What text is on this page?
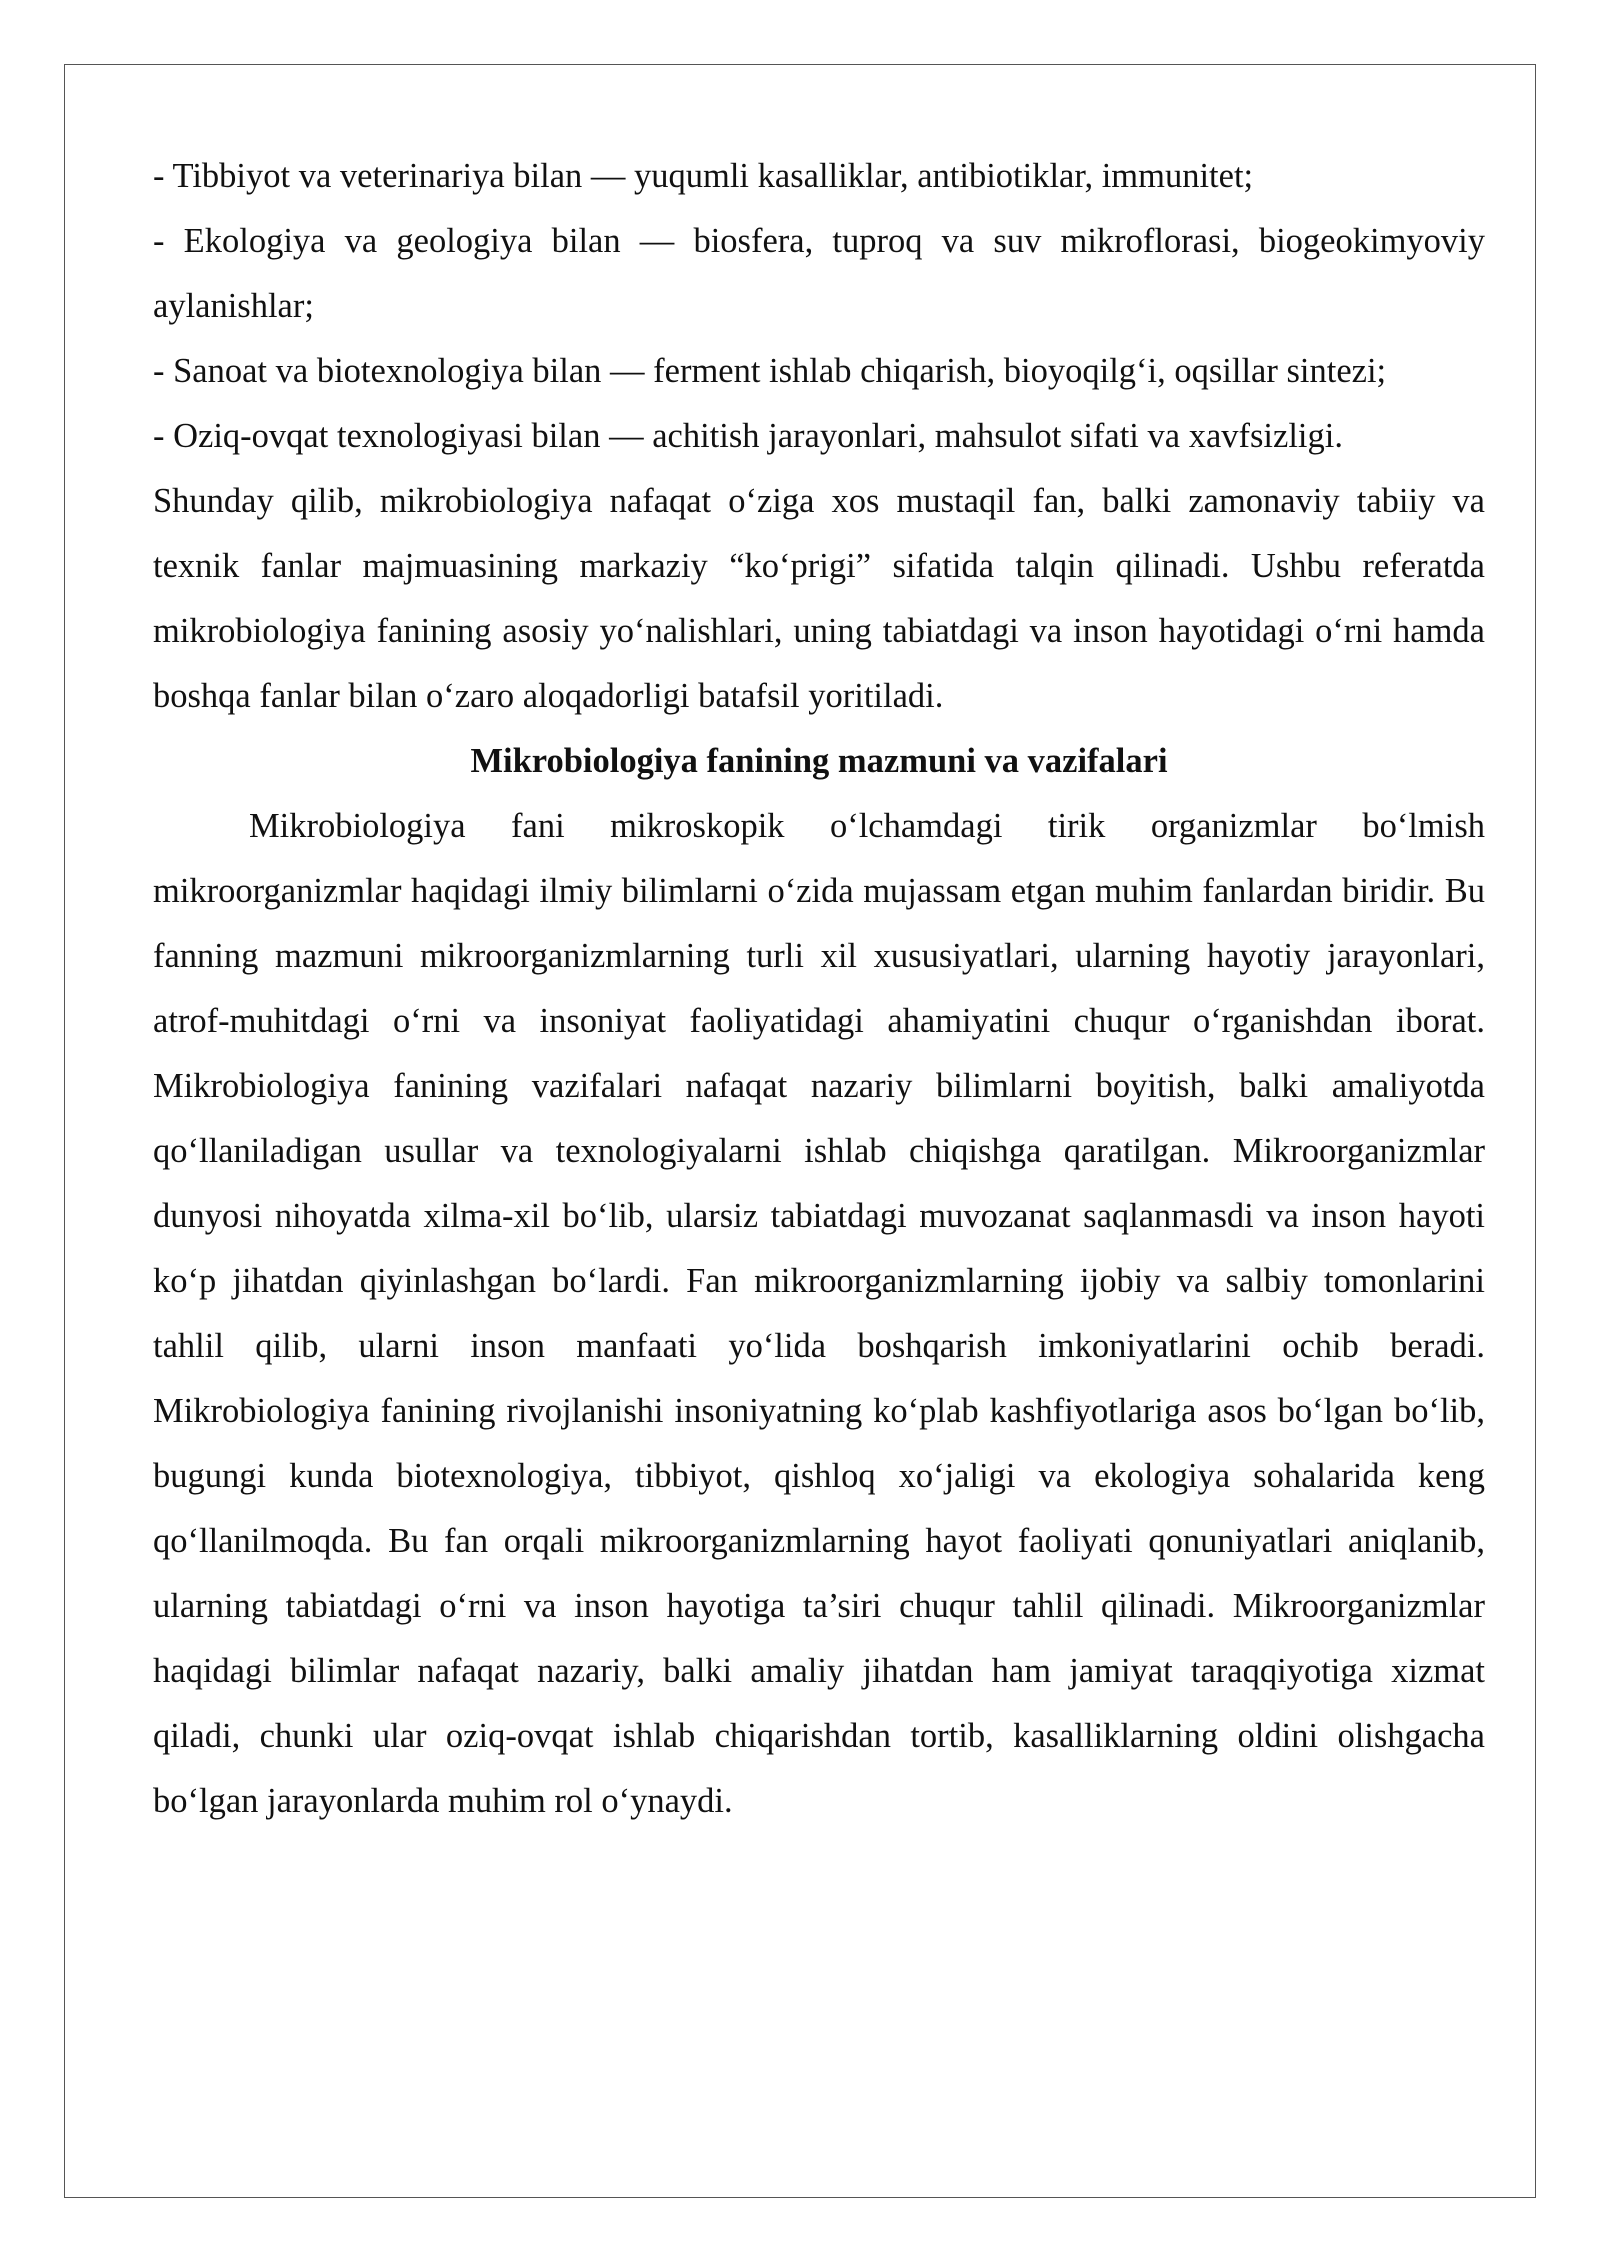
- Tibbiyot va veterinariya bilan — yuqumli kasalliklar, antibiotiklar, immunitet;

- Ekologiya va geologiya bilan — biosfera, tuproq va suv mikroflorasi, biogeokimyoviy aylanishlar;

- Sanoat va biotexnologiya bilan — ferment ishlab chiqarish, bioyoqilg‘i, oqsillar sintezi;

- Oziq-ovqat texnologiyasi bilan — achitish jarayonlari, mahsulot sifati va xavfsizligi.

Shunday qilib, mikrobiologiya nafaqat o‘ziga xos mustaqil fan, balki zamonaviy tabiiy va texnik fanlar majmuasining markaziy “ko‘prigi” sifatida talqin qilinadi. Ushbu referatda mikrobiologiya fanining asosiy yo‘nalishlari, uning tabiatdagi va inson hayotidagi o‘rni hamda boshqa fanlar bilan o‘zaro aloqadorligi batafsil yoritiladi.

Mikrobiologiya fanining mazmuni va vazifalari

Mikrobiologiya fani mikroskopik o‘lchamdagi tirik organizmlar bo‘lmish mikroorganizmlar haqidagi ilmiy bilimlarni o‘zida mujassam etgan muhim fanlardan biridir. Bu fanning mazmuni mikroorganizmlarning turli xil xususiyatlari, ularning hayotiy jarayonlari, atrof-muhitdagi o‘rni va insoniyat faoliyatidagi ahamiyatini chuqur o‘rganishdan iborat. Mikrobiologiya fanining vazifalari nafaqat nazariy bilimlarni boyitish, balki amaliyotda qo‘llaniladigan usullar va texnologiyalarni ishlab chiqishga qaratilgan. Mikroorganizmlar dunyosi nihoyatda xilma-xil bo‘lib, ularsiz tabiatdagi muvozanat saqlanmasdi va inson hayoti ko‘p jihatdan qiyinlashgan bo‘lardi. Fan mikroorganizmlarning ijobiy va salbiy tomonlarini tahlil qilib, ularni inson manfaati yo‘lida boshqarish imkoniyatlarini ochib beradi. Mikrobiologiya fanining rivojlanishi insoniyatning ko‘plab kashfiyotlariga asos bo‘lgan bo‘lib, bugungi kunda biotexnologiya, tibbiyot, qishloq xo‘jaligi va ekologiya sohalarida keng qo‘llanilmoqda. Bu fan orqali mikroorganizmlarning hayot faoliyati qonuniyatlari aniqlanib, ularning tabiatdagi o‘rni va inson hayotiga ta’siri chuqur tahlil qilinadi. Mikroorganizmlar haqidagi bilimlar nafaqat nazariy, balki amaliy jihatdan ham jamiyat taraqqiyotiga xizmat qiladi, chunki ular oziq-ovqat ishlab chiqarishdan tortib, kasalliklarning oldini olishgacha bo‘lgan jarayonlarda muhim rol o‘ynaydi.
